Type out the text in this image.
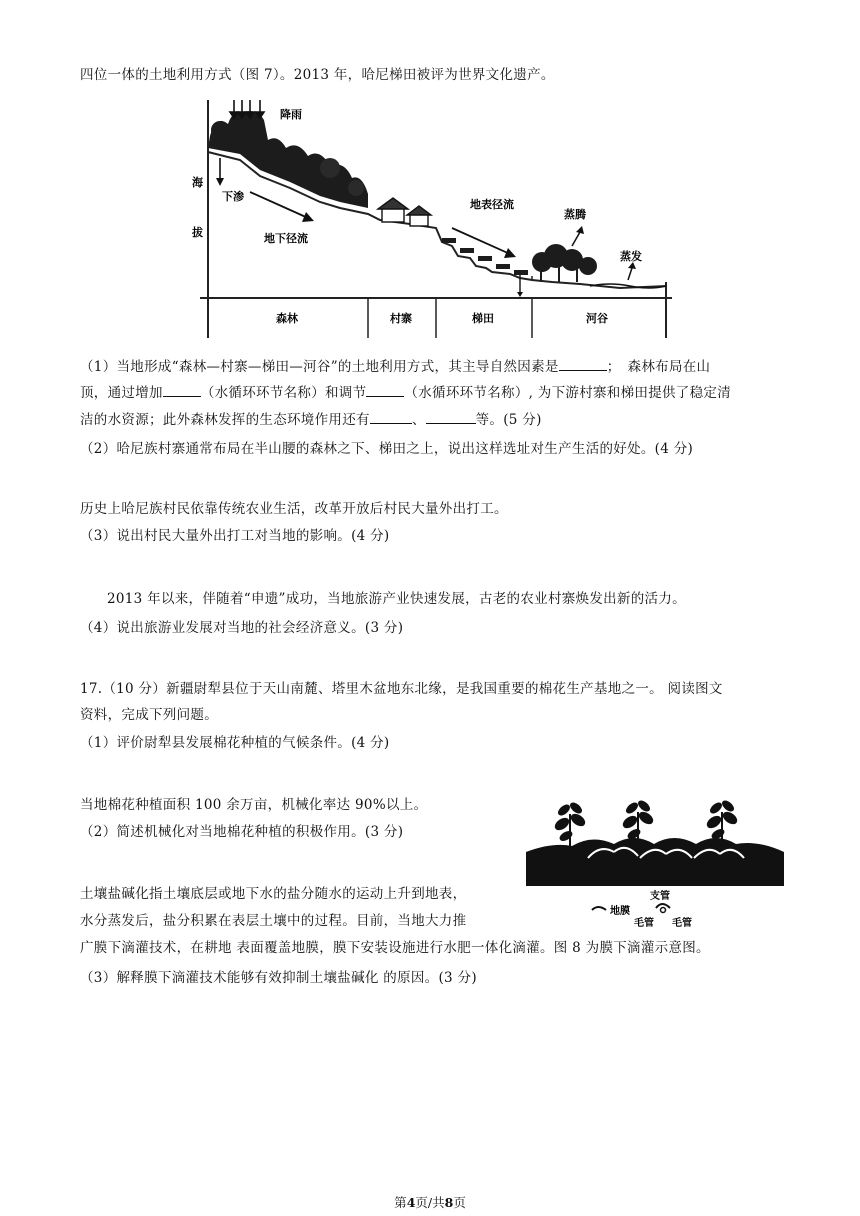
四位一体的土地利用方式（图 7）。2013 年，哈尼梯田被评为世界文化遗产。
降雨
海
拔
下渗
地下径流
地表径流
蒸腾
蒸发
森林	村寨	梯田	河谷
（1）当地形成“森林—村寨—梯田—河谷”的土地利用方式，其主导自然因素是	；　森林布局在山
顶，通过增加	（水循环环节名称）和调节	（水循环环节名称）, 为下游村寨和梯田提供了稳定清
洁的水资源；此外森林发挥的生态环境作用还有	、	等。(5 分)
（2）哈尼族村寨通常布局在半山腰的森林之下、梯田之上，说出这样选址对生产生活的好处。(4 分)
历史上哈尼族村民依靠传统农业生活，改革开放后村民大量外出打工。
（3）说出村民大量外出打工对当地的影响。(4 分)
2013 年以来，伴随着“申遗”成功，当地旅游产业快速发展，古老的农业村寨焕发出新的活力。
（4）说出旅游业发展对当地的社会经济意义。(3 分)
17.（10 分）新疆尉犁县位于天山南麓、塔里木盆地东北缘，是我国重要的棉花生产基地之一。 阅读图文
资料，完成下列问题。
（1）评价尉犁县发展棉花种植的气候条件。(4 分)
当地棉花种植面积 100 余万亩，机械化率达 90%以上。
（2）简述机械化对当地棉花种植的积极作用。(3 分)
土壤盐碱化指土壤底层或地下水的盐分随水的运动上升到地表，
水分蒸发后，盐分积累在表层土壤中的过程。目前，当地大力推
广膜下滴灌技术，在耕地 表面覆盖地膜，膜下安装设施进行水肥一体化滴灌。图 8 为膜下滴灌示意图。
（3）解释膜下滴灌技术能够有效抑制土壤盐碱化 的原因。(3 分)
地膜
支管
毛管 毛管
第4页/共8页
